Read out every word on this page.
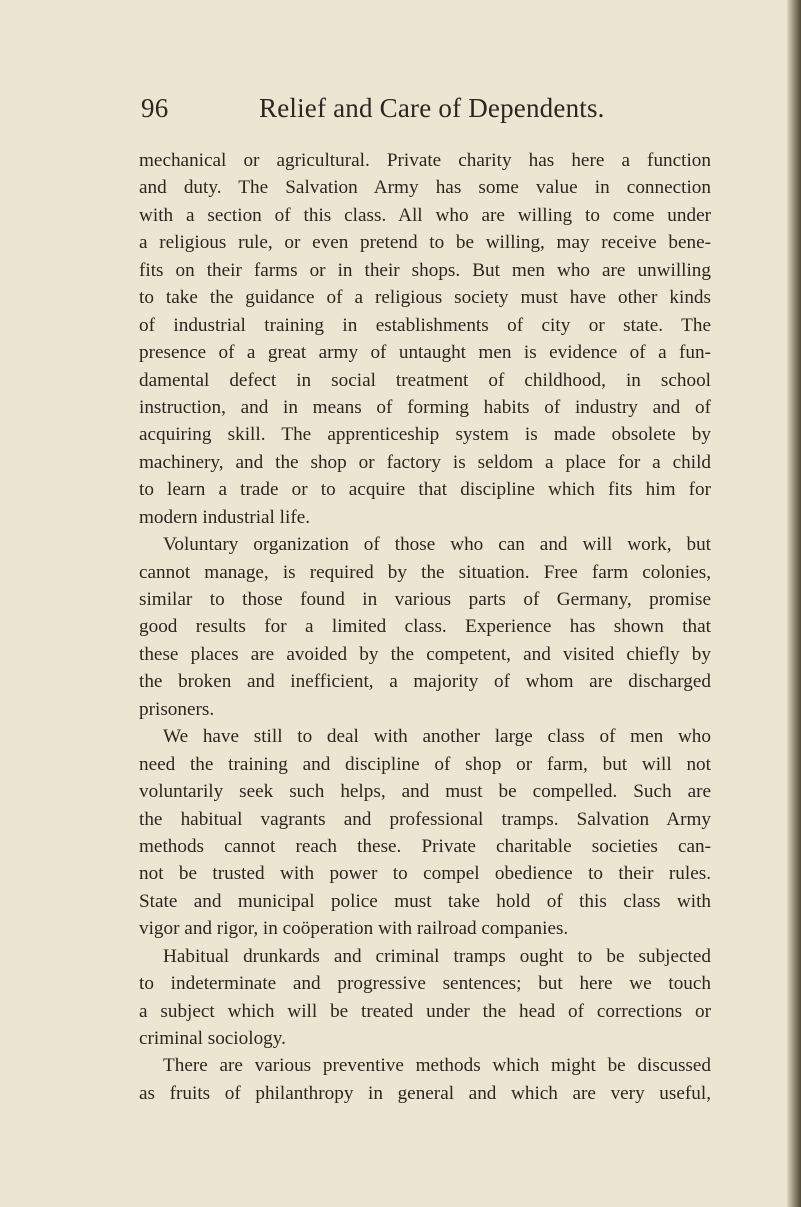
96	Relief and Care of Dependents.
mechanical or agricultural. Private charity has here a function
and duty. The Salvation Army has some value in connection
with a section of this class. All who are willing to come under
a religious rule, or even pretend to be willing, may receive bene-
fits on their farms or in their shops. But men who are unwilling
to take the guidance of a religious society must have other kinds
of industrial training in establishments of city or state. The
presence of a great army of untaught men is evidence of a fun-
damental defect in social treatment of childhood, in school
instruction, and in means of forming habits of industry and of
acquiring skill. The apprenticeship system is made obsolete by
machinery, and the shop or factory is seldom a place for a child
to learn a trade or to acquire that discipline which fits him for
modern industrial life.
Voluntary organization of those who can and will work, but
cannot manage, is required by the situation. Free farm colonies,
similar to those found in various parts of Germany, promise
good results for a limited class. Experience has shown that
these places are avoided by the competent, and visited chiefly by
the broken and inefficient, a majority of whom are discharged
prisoners.
We have still to deal with another large class of men who
need the training and discipline of shop or farm, but will not
voluntarily seek such helps, and must be compelled. Such are
the habitual vagrants and professional tramps. Salvation Army
methods cannot reach these. Private charitable societies can-
not be trusted with power to compel obedience to their rules.
State and municipal police must take hold of this class with
vigor and rigor, in coöperation with railroad companies.
Habitual drunkards and criminal tramps ought to be subjected
to indeterminate and progressive sentences; but here we touch
a subject which will be treated under the head of corrections or
criminal sociology.
There are various preventive methods which might be discussed
as fruits of philanthropy in general and which are very useful,
